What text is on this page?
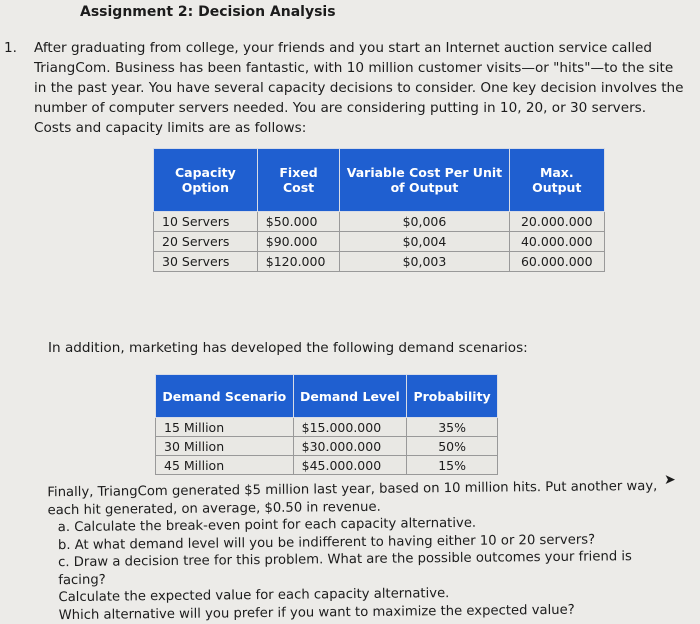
Assignment 2: Decision Analysis
1. After graduating from college, your friends and you start an Internet auction service called TriangCom. Business has been fantastic, with 10 million customer visits—or "hits"—to the site in the past year. You have several capacity decisions to consider. One key decision involves the number of computer servers needed. You are considering putting in 10, 20, or 30 servers. Costs and capacity limits are as follows:
Capacity Option	Fixed Cost	Variable Cost Per Unit of Output	Max. Output
10 Servers	$50.000	$0,006	20.000.000
20 Servers	$90.000	$0,004	40.000.000
30 Servers	$120.000	$0,003	60.000.000
In addition, marketing has developed the following demand scenarios:
Demand Scenario	Demand Level	Probability
15 Million	$15.000.000	35%
30 Million	$30.000.000	50%
45 Million	$45.000.000	15%
Finally, TriangCom generated $5 million last year, based on 10 million hits. Put another way,
each hit generated, on average, $0.50 in revenue.
a. Calculate the break-even point for each capacity alternative.
b. At what demand level will you be indifferent to having either 10 or 20 servers?
c. Draw a decision tree for this problem. What are the possible outcomes your friend is facing?
Calculate the expected value for each capacity alternative.
Which alternative will you prefer if you want to maximize the expected value?
➤
